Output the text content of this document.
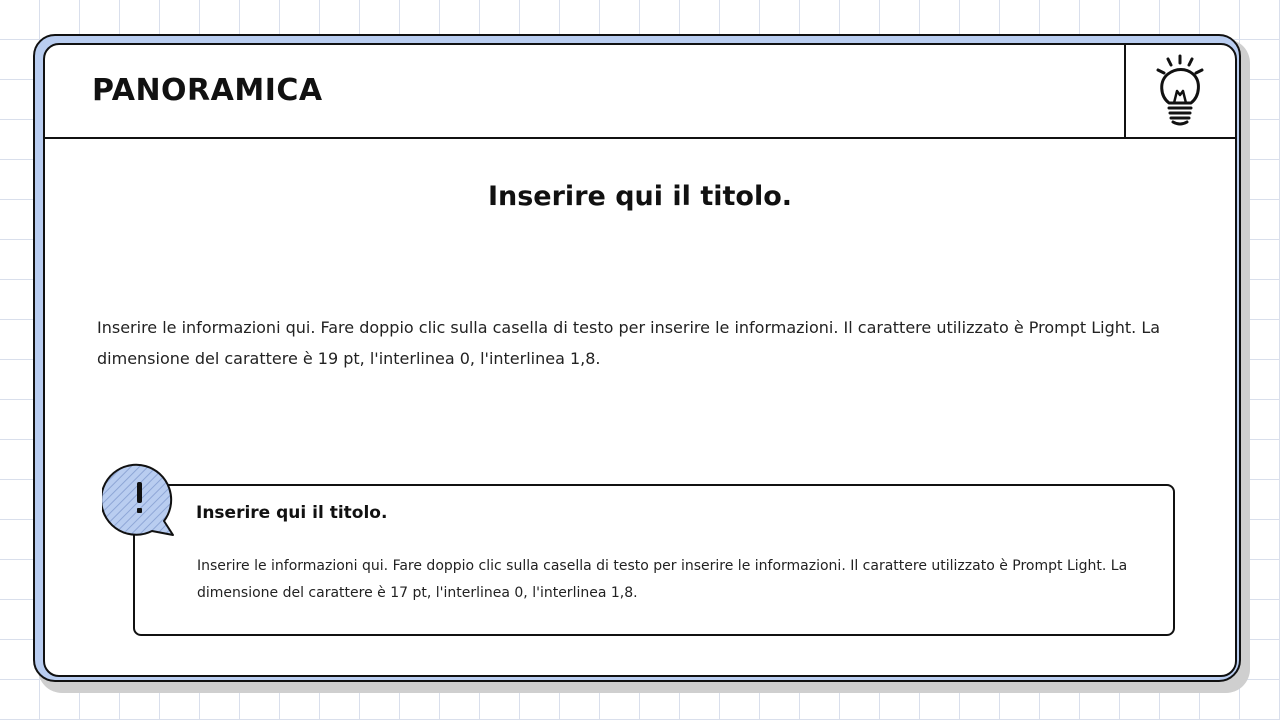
PANORAMICA
Inserire qui il titolo.
Inserire le informazioni qui. Fare doppio clic sulla casella di testo per inserire le informazioni. Il carattere utilizzato è Prompt Light. La dimensione del carattere è 19 pt, l'interlinea 0, l'interlinea 1,8.
Inserire qui il titolo.
Inserire le informazioni qui. Fare doppio clic sulla casella di testo per inserire le informazioni. Il carattere utilizzato è Prompt Light. La dimensione del carattere è 17 pt, l'interlinea 0, l'interlinea 1,8.
